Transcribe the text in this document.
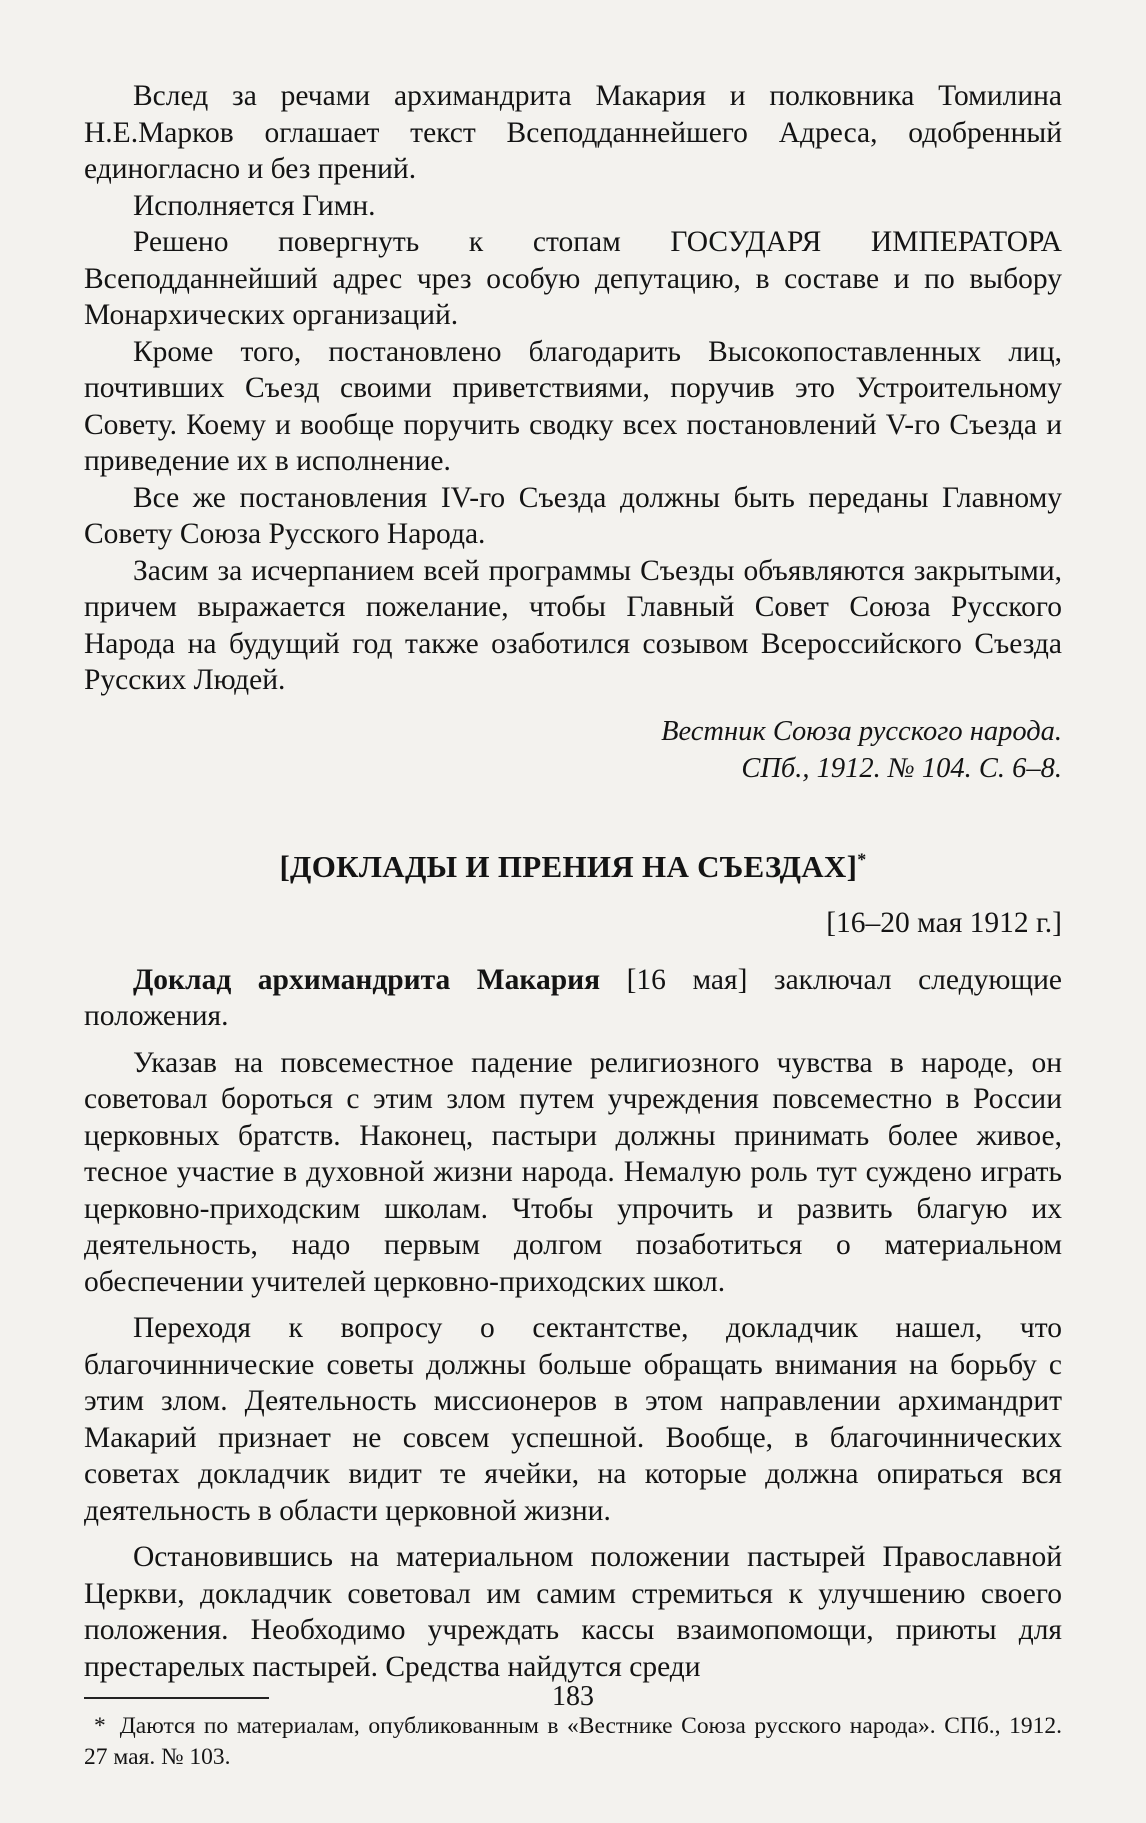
Вслед за речами архимандрита Макария и полковника Томилина Н.Е.Марков оглашает текст Всеподданнейшего Адреса, одобренный единогласно и без прений.

Исполняется Гимн.

Решено повергнуть к стопам ГОСУДАРЯ ИМПЕРАТОРА Всеподданнейший адрес чрез особую депутацию, в составе и по выбору Монархических организаций.

Кроме того, постановлено благодарить Высокопоставленных лиц, почтивших Съезд своими приветствиями, поручив это Устроительному Совету. Коему и вообще поручить сводку всех постановлений V-го Съезда и приведение их в исполнение.

Все же постановления IV-го Съезда должны быть переданы Главному Совету Союза Русского Народа.

Засим за исчерпанием всей программы Съезды объявляются закрытыми, причем выражается пожелание, чтобы Главный Совет Союза Русского Народа на будущий год также озаботился созывом Всероссийского Съезда Русских Людей.

Вестник Союза русского народа.
СПб., 1912. № 104. С. 6–8.
[ДОКЛАДЫ И ПРЕНИЯ НА СЪЕЗДАХ]*
[16–20 мая 1912 г.]

Доклад архимандрита Макария [16 мая] заключал следующие положения.

Указав на повсеместное падение религиозного чувства в народе, он советовал бороться с этим злом путем учреждения повсеместно в России церковных братств. Наконец, пастыри должны принимать более живое, тесное участие в духовной жизни народа. Немалую роль тут суждено играть церковно-приходским школам. Чтобы упрочить и развить благую их деятельность, надо первым долгом позаботиться о материальном обеспечении учителей церковно-приходских школ.

Переходя к вопросу о сектантстве, докладчик нашел, что благочиннические советы должны больше обращать внимания на борьбу с этим злом. Деятельность миссионеров в этом направлении архимандрит Макарий признает не совсем успешной. Вообще, в благочиннических советах докладчик видит те ячейки, на которые должна опираться вся деятельность в области церковной жизни.

Остановившись на материальном положении пастырей Православной Церкви, докладчик советовал им самим стремиться к улучшению своего положения. Необходимо учреждать кассы взаимопомощи, приюты для престарелых пастырей. Средства найдутся среди

* Даются по материалам, опубликованным в «Вестнике Союза русского народа». СПб., 1912. 27 мая. № 103.
183
